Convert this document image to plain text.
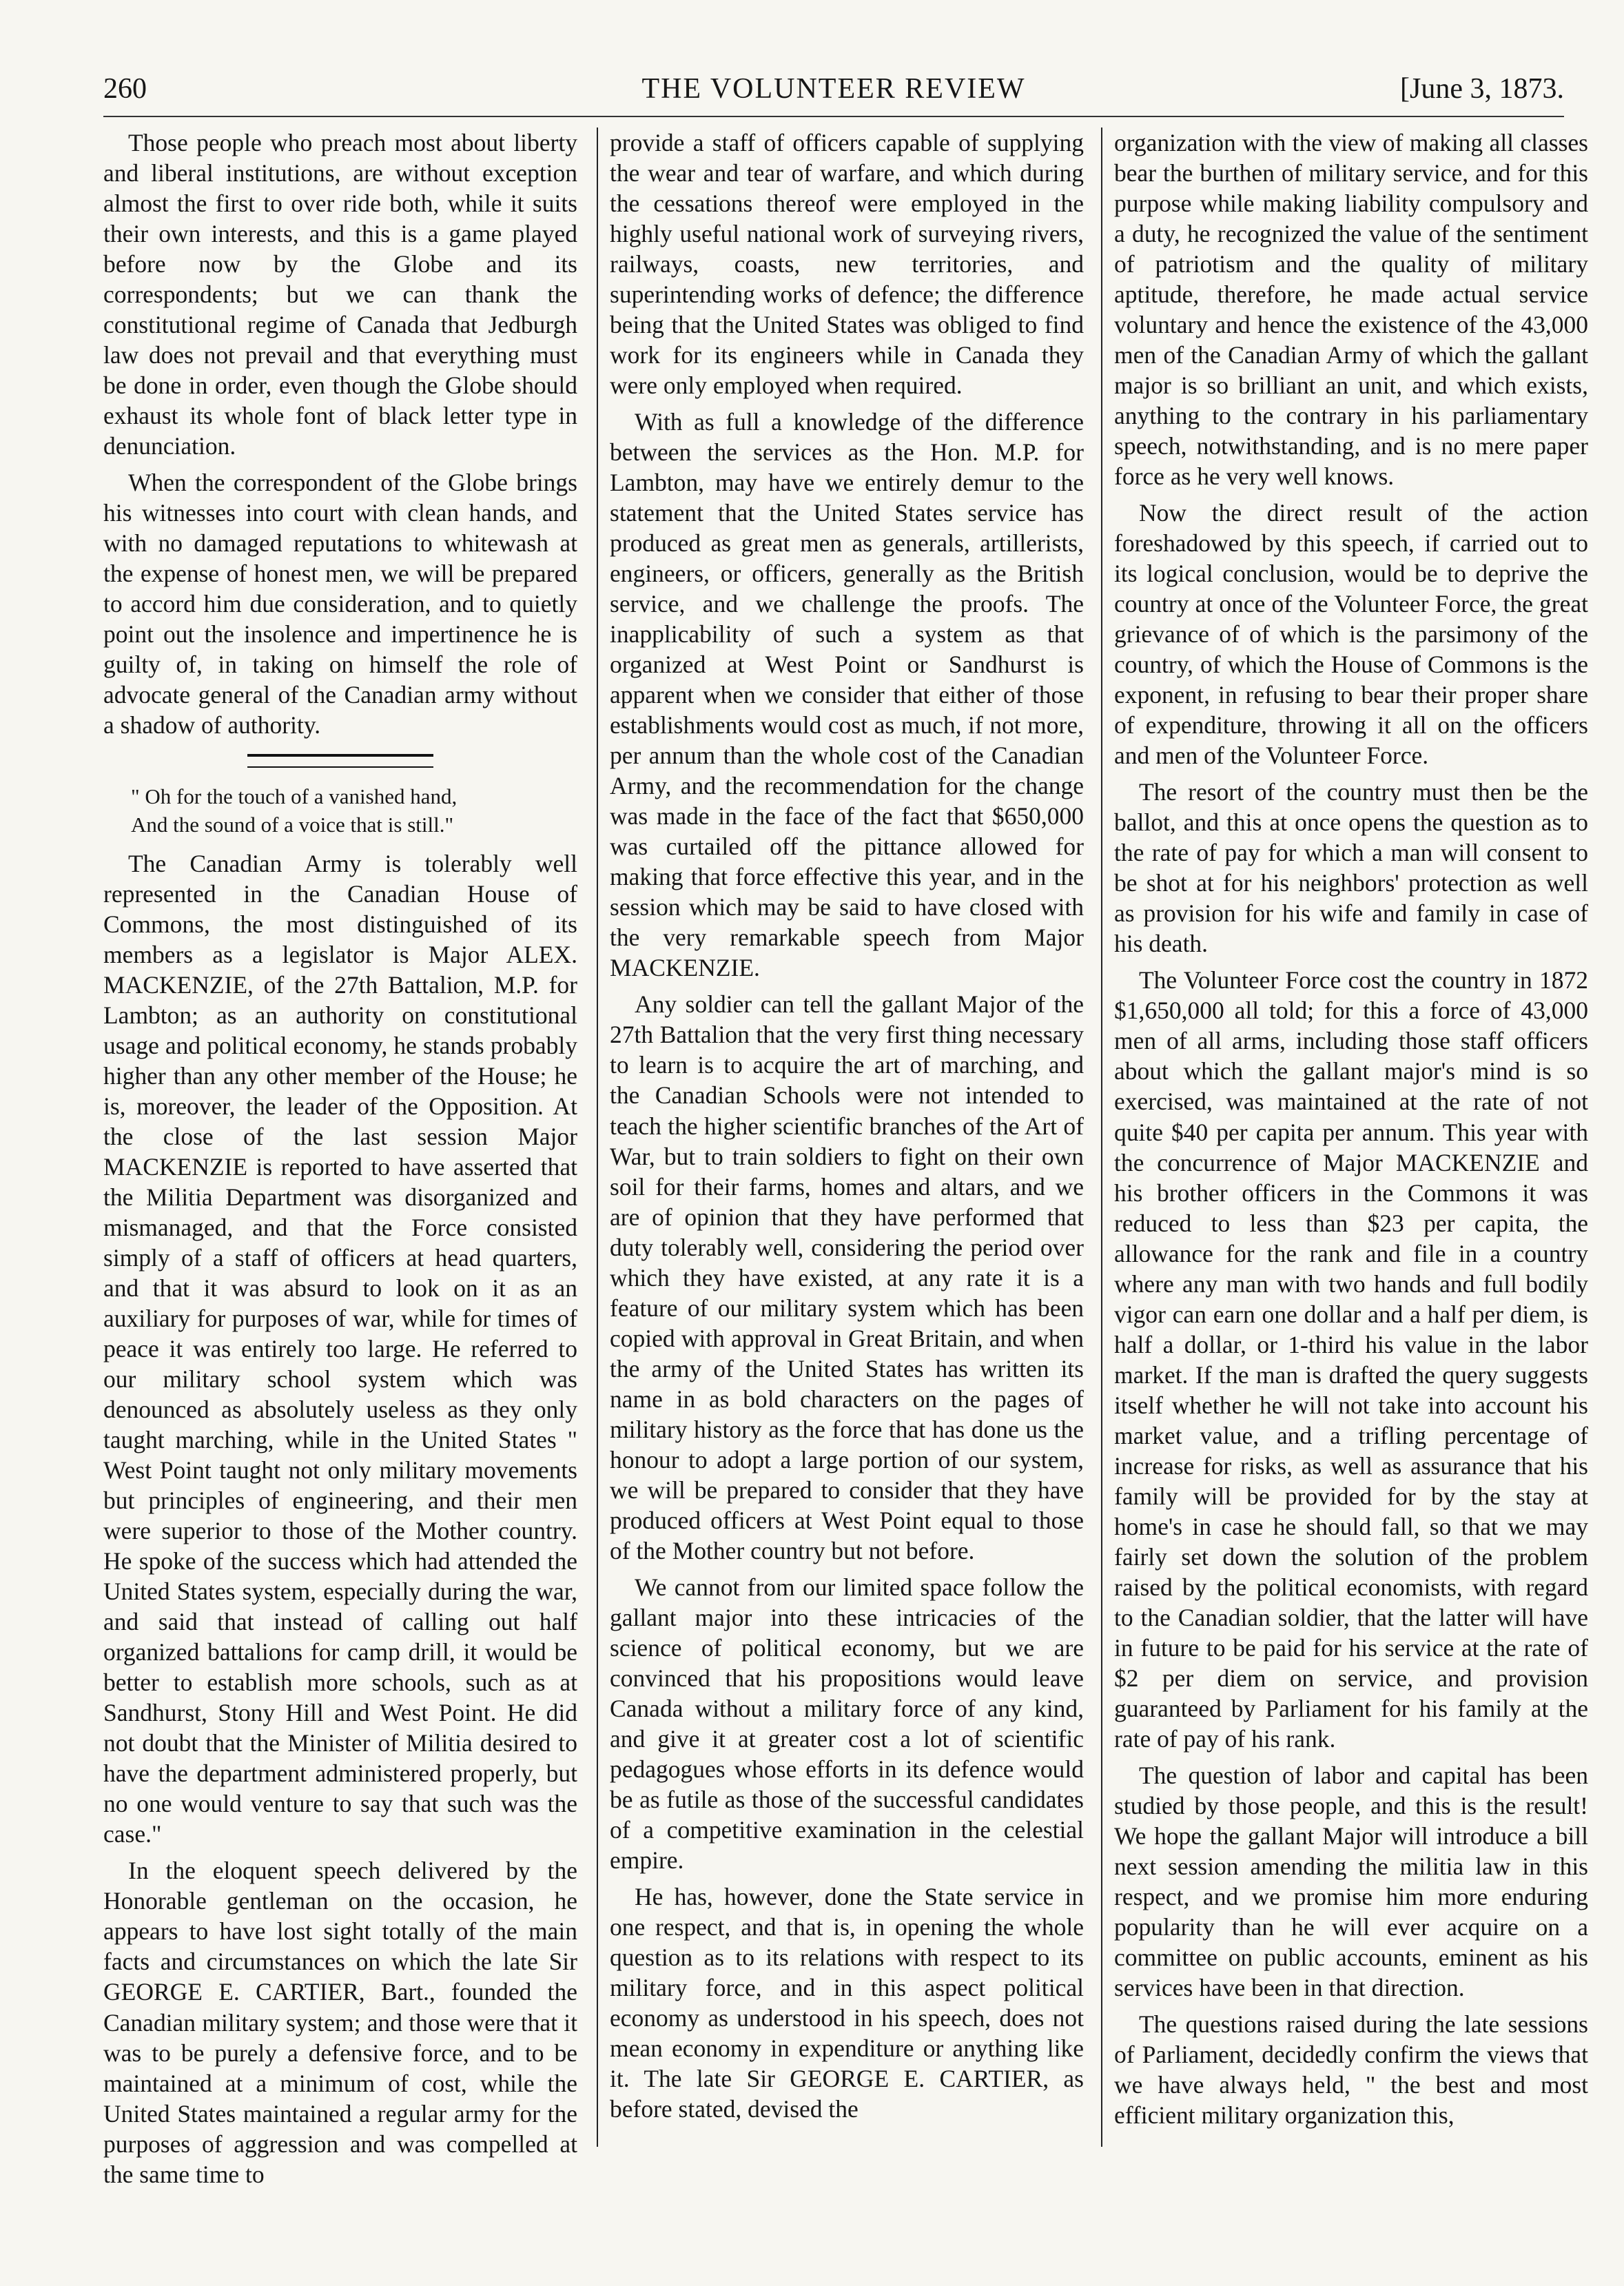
260	THE VOLUNTEER REVIEW	[June 3, 1873.

Those people who preach most about liberty and liberal institutions, are without exception almost the first to over ride both, while it suits their own interests, and this is a game played before now by the Globe and its correspondents; but we can thank the constitutional regime of Canada that Jedburgh law does not prevail and that everything must be done in order, even though the Globe should exhaust its whole font of black letter type in denunciation.

When the correspondent of the Globe brings his witnesses into court with clean hands, and with no damaged reputations to whitewash at the expense of honest men, we will be prepared to accord him due consideration, and to quietly point out the insolence and impertinence he is guilty of, in taking on himself the role of advocate general of the Canadian army without a shadow of authority.

" Oh for the touch of a vanished hand,
And the sound of a voice that is still."

The Canadian Army is tolerably well represented in the Canadian House of Commons, the most distinguished of its members as a legislator is Major ALEX. MACKENZIE, of the 27th Battalion, M.P. for Lambton; as an authority on constitutional usage and political economy, he stands probably higher than any other member of the House; he is, moreover, the leader of the Opposition. At the close of the last session Major MACKENZIE is reported to have asserted that the Militia Department was disorganized and mismanaged, and that the Force consisted simply of a staff of officers at head quarters, and that it was absurd to look on it as an auxiliary for purposes of war, while for times of peace it was entirely too large. He referred to our military school system which was denounced as absolutely useless as they only taught marching, while in the United States " West Point taught not only military movements but principles of engineering, and their men were superior to those of the Mother country. He spoke of the success which had attended the United States system, especially during the war, and said that instead of calling out half organized battalions for camp drill, it would be better to establish more schools, such as at Sandhurst, Stony Hill and West Point. He did not doubt that the Minister of Militia desired to have the department administered properly, but no one would venture to say that such was the case."

In the eloquent speech delivered by the Honorable gentleman on the occasion, he appears to have lost sight totally of the main facts and circumstances on which the late Sir GEORGE E. CARTIER, Bart., founded the Canadian military system; and those were that it was to be purely a defensive force, and to be maintained at a minimum of cost, while the United States maintained a regular army for the purposes of aggression and was compelled at the same time to

provide a staff of officers capable of supplying the wear and tear of warfare, and which during the cessations thereof were employed in the highly useful national work of surveying rivers, railways, coasts, new territories, and superintending works of defence; the difference being that the United States was obliged to find work for its engineers while in Canada they were only employed when required.

With as full a knowledge of the difference between the services as the Hon. M.P. for Lambton, may have we entirely demur to the statement that the United States service has produced as great men as generals, artillerists, engineers, or officers, generally as the British service, and we challenge the proofs. The inapplicability of such a system as that organized at West Point or Sandhurst is apparent when we consider that either of those establishments would cost as much, if not more, per annum than the whole cost of the Canadian Army, and the recommendation for the change was made in the face of the fact that $650,000 was curtailed off the pittance allowed for making that force effective this year, and in the session which may be said to have closed with the very remarkable speech from Major MACKENZIE.

Any soldier can tell the gallant Major of the 27th Battalion that the very first thing necessary to learn is to acquire the art of marching, and the Canadian Schools were not intended to teach the higher scientific branches of the Art of War, but to train soldiers to fight on their own soil for their farms, homes and altars, and we are of opinion that they have performed that duty tolerably well, considering the period over which they have existed, at any rate it is a feature of our military system which has been copied with approval in Great Britain, and when the army of the United States has written its name in as bold characters on the pages of military history as the force that has done us the honour to adopt a large portion of our system, we will be prepared to consider that they have produced officers at West Point equal to those of the Mother country but not before.

We cannot from our limited space follow the gallant major into these intricacies of the science of political economy, but we are convinced that his propositions would leave Canada without a military force of any kind, and give it at greater cost a lot of scientific pedagogues whose efforts in its defence would be as futile as those of the successful candidates of a competitive examination in the celestial empire.

He has, however, done the State service in one respect, and that is, in opening the whole question as to its relations with respect to its military force, and in this aspect political economy as understood in his speech, does not mean economy in expenditure or anything like it. The late Sir GEORGE E. CARTIER, as before stated, devised the

organization with the view of making all classes bear the burthen of military service, and for this purpose while making liability compulsory and a duty, he recognized the value of the sentiment of patriotism and the quality of military aptitude, therefore, he made actual service voluntary and hence the existence of the 43,000 men of the Canadian Army of which the gallant major is so brilliant an unit, and which exists, anything to the contrary in his parliamentary speech, notwithstanding, and is no mere paper force as he very well knows.

Now the direct result of the action foreshadowed by this speech, if carried out to its logical conclusion, would be to deprive the country at once of the Volunteer Force, the great grievance of of which is the parsimony of the country, of which the House of Commons is the exponent, in refusing to bear their proper share of expenditure, throwing it all on the officers and men of the Volunteer Force.

The resort of the country must then be the ballot, and this at once opens the question as to the rate of pay for which a man will consent to be shot at for his neighbors' protection as well as provision for his wife and family in case of his death.

The Volunteer Force cost the country in 1872 $1,650,000 all told; for this a force of 43,000 men of all arms, including those staff officers about which the gallant major's mind is so exercised, was maintained at the rate of not quite $40 per capita per annum. This year with the concurrence of Major MACKENZIE and his brother officers in the Commons it was reduced to less than $23 per capita, the allowance for the rank and file in a country where any man with two hands and full bodily vigor can earn one dollar and a half per diem, is half a dollar, or 1-third his value in the labor market. If the man is drafted the query suggests itself whether he will not take into account his market value, and a trifling percentage of increase for risks, as well as assurance that his family will be provided for by the stay at home's in case he should fall, so that we may fairly set down the solution of the problem raised by the political economists, with regard to the Canadian soldier, that the latter will have in future to be paid for his service at the rate of $2 per diem on service, and provision guaranteed by Parliament for his family at the rate of pay of his rank.

The question of labor and capital has been studied by those people, and this is the result! We hope the gallant Major will introduce a bill next session amending the militia law in this respect, and we promise him more enduring popularity than he will ever acquire on a committee on public accounts, eminent as his services have been in that direction.

The questions raised during the late sessions of Parliament, decidedly confirm the views that we have always held, " the best and most efficient military organization this,
